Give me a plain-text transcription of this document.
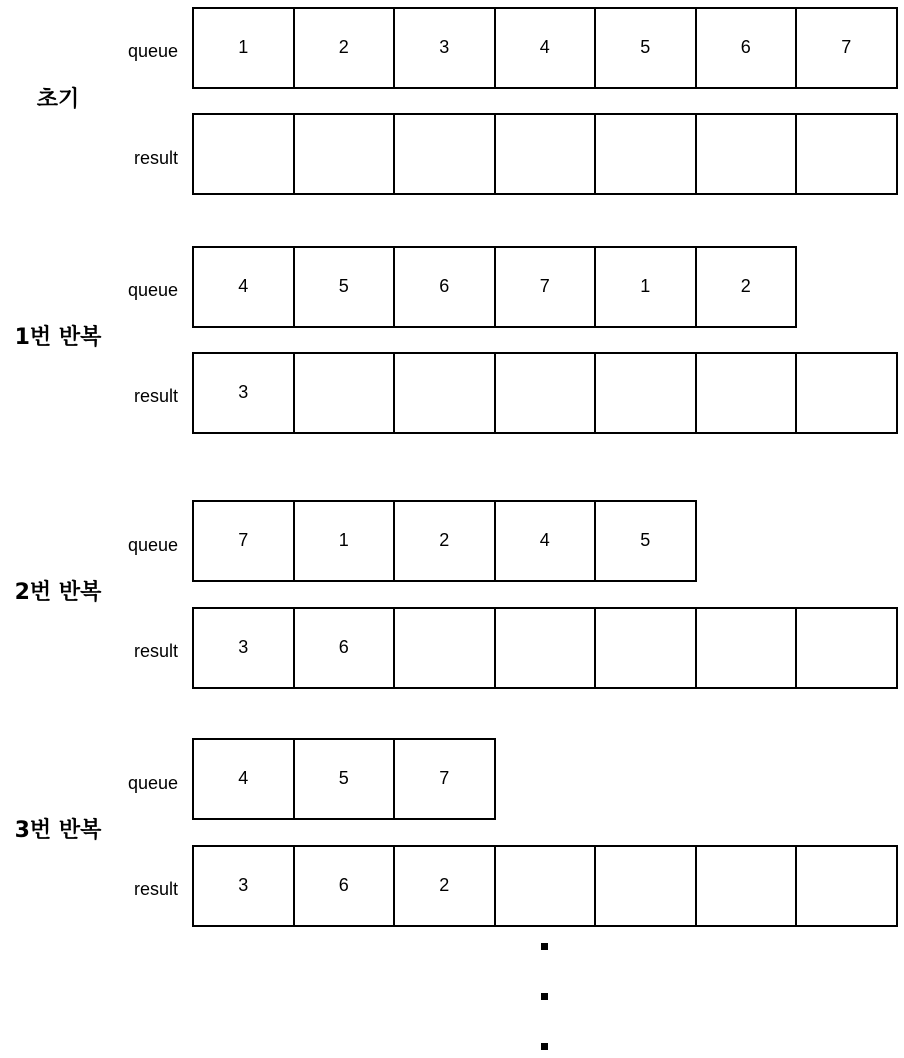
초기
queue	1	2	3	4	5	6	7
result
1번 반복
queue	4	5	6	7	1	2
result	3
2번 반복
queue	7	1	2	4	5
result	3	6
3번 반복
queue	4	5	7
result	3	6	2
